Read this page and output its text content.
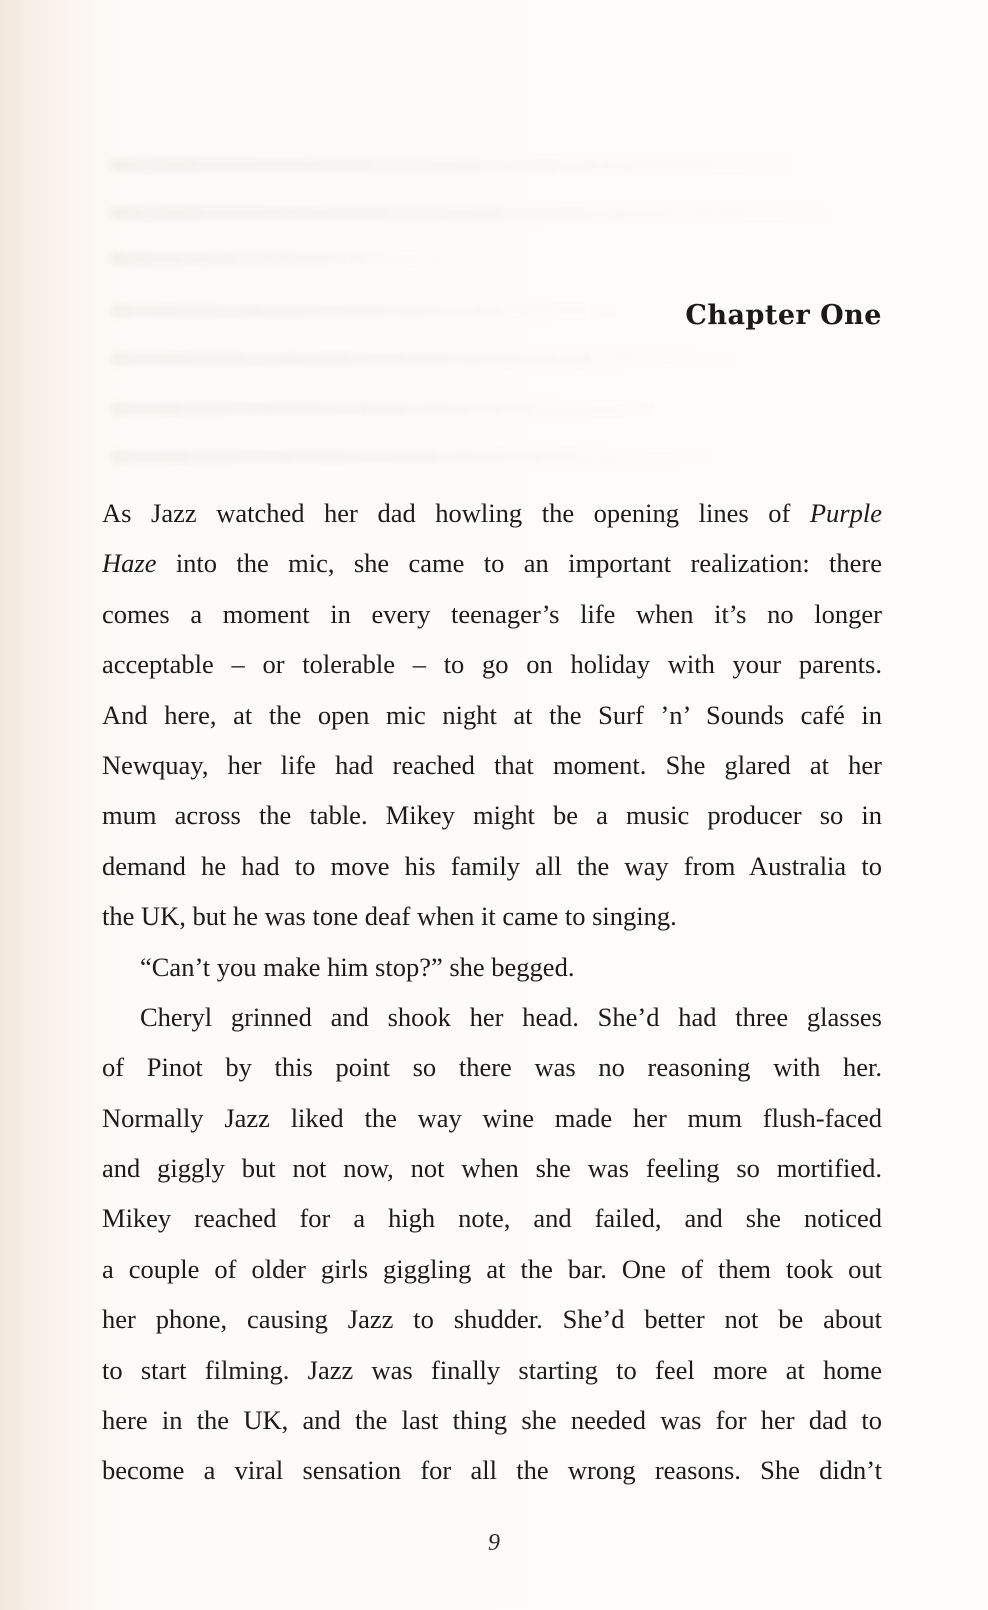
Chapter One
As Jazz watched her dad howling the opening lines of Purple
Haze into the mic, she came to an important realization: there
comes a moment in every teenager’s life when it’s no longer
acceptable – or tolerable – to go on holiday with your parents.
And here, at the open mic night at the Surf ’n’ Sounds café in
Newquay, her life had reached that moment. She glared at her
mum across the table. Mikey might be a music producer so in
demand he had to move his family all the way from Australia to
the UK, but he was tone deaf when it came to singing.
“Can’t you make him stop?” she begged.
Cheryl grinned and shook her head. She’d had three glasses
of Pinot by this point so there was no reasoning with her.
Normally Jazz liked the way wine made her mum flush-faced
and giggly but not now, not when she was feeling so mortified.
Mikey reached for a high note, and failed, and she noticed
a couple of older girls giggling at the bar. One of them took out
her phone, causing Jazz to shudder. She’d better not be about
to start filming. Jazz was finally starting to feel more at home
here in the UK, and the last thing she needed was for her dad to
become a viral sensation for all the wrong reasons. She didn’t
9
